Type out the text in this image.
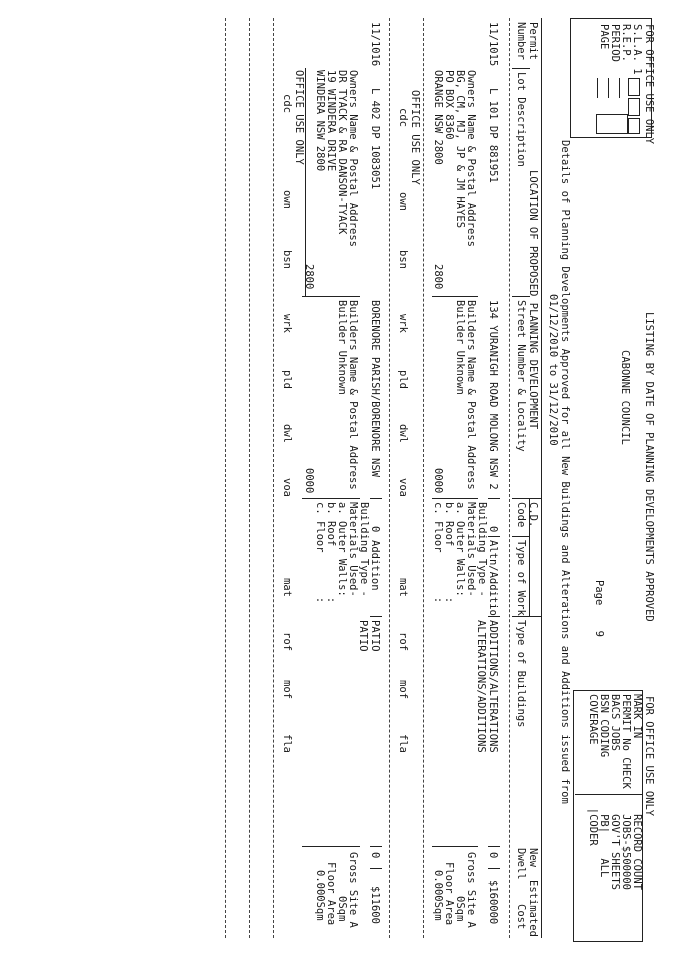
FOR OFFICE USE ONLY
S.L.A. 1
R.E.P.
PERIOD
PAGE
LISTING BY DATE OF PLANNING DEVELOPMENTS APPROVED
CABONNE COUNCIL
Page    9
FOR OFFICE USE ONLY
MARK IN            RECORD COUNT
PERMIT No CHECK    JOBS-$500000
BACS JOBS          GOV'T SHEETS
BSN CODING         PB|    ALL
COVERAGE          |CODER
Details of Planning Developments Approved for all New Buildings and Alterations and Additions issued from
01/12/2010 to 31/12/2010
Permit
Number
LOCATION OF PROPOSED PLANNING DEVELOPMENT
Lot Description
Street Number & Locality
C.D.
Code
Type of Work
Type of Buildings
New
Dwell
Estimated
Cost
11/1015
L 101 DP 881951
134 YURANIGH ROAD MOLONG NSW 2
0
Altn/Additio
ADDITIONS/ALTERATIONS
ALTERATIONS/ADDITIONS
0
$160000
Owners Name & Postal Address
BG, CM, MJ, JP & JM HAYES
PO BOX 8360
ORANGE NSW 2800
2800
Builders Name & Postal Address
Builder Unknown
0000
Building Type -
Materials Used-
a. Outer Walls:
b. Roof        :
c. Floor       :
Gross Site A
0Sqm
Floor Area
0.000Sqm
OFFICE USE ONLY
cdc
own
bsn
wrk
pld
dwl
voa
mat
rof
mof
fla
11/1016
L 402 DP 1083051
BORENORE PARISH/BORENORE NSW
0
Addition
PATIO
PATIO
0
$11600
Owners Name & Postal Address
DR TYACK & RA DANSON-TYACK
19 WINDERA DRIVE
WINDERA NSW 2800
2800
Builders Name & Postal Address
Builder Unknown
0000
Building Type -
Materials Used-
a. Outer Walls:
b. Roof        :
c. Floor       :
Gross Site A
0Sqm
Floor Area
0.000Sqm
OFFICE USE ONLY
cdc
own
bsn
wrk
pld
dwl
voa
mat
rof
mof
fla
